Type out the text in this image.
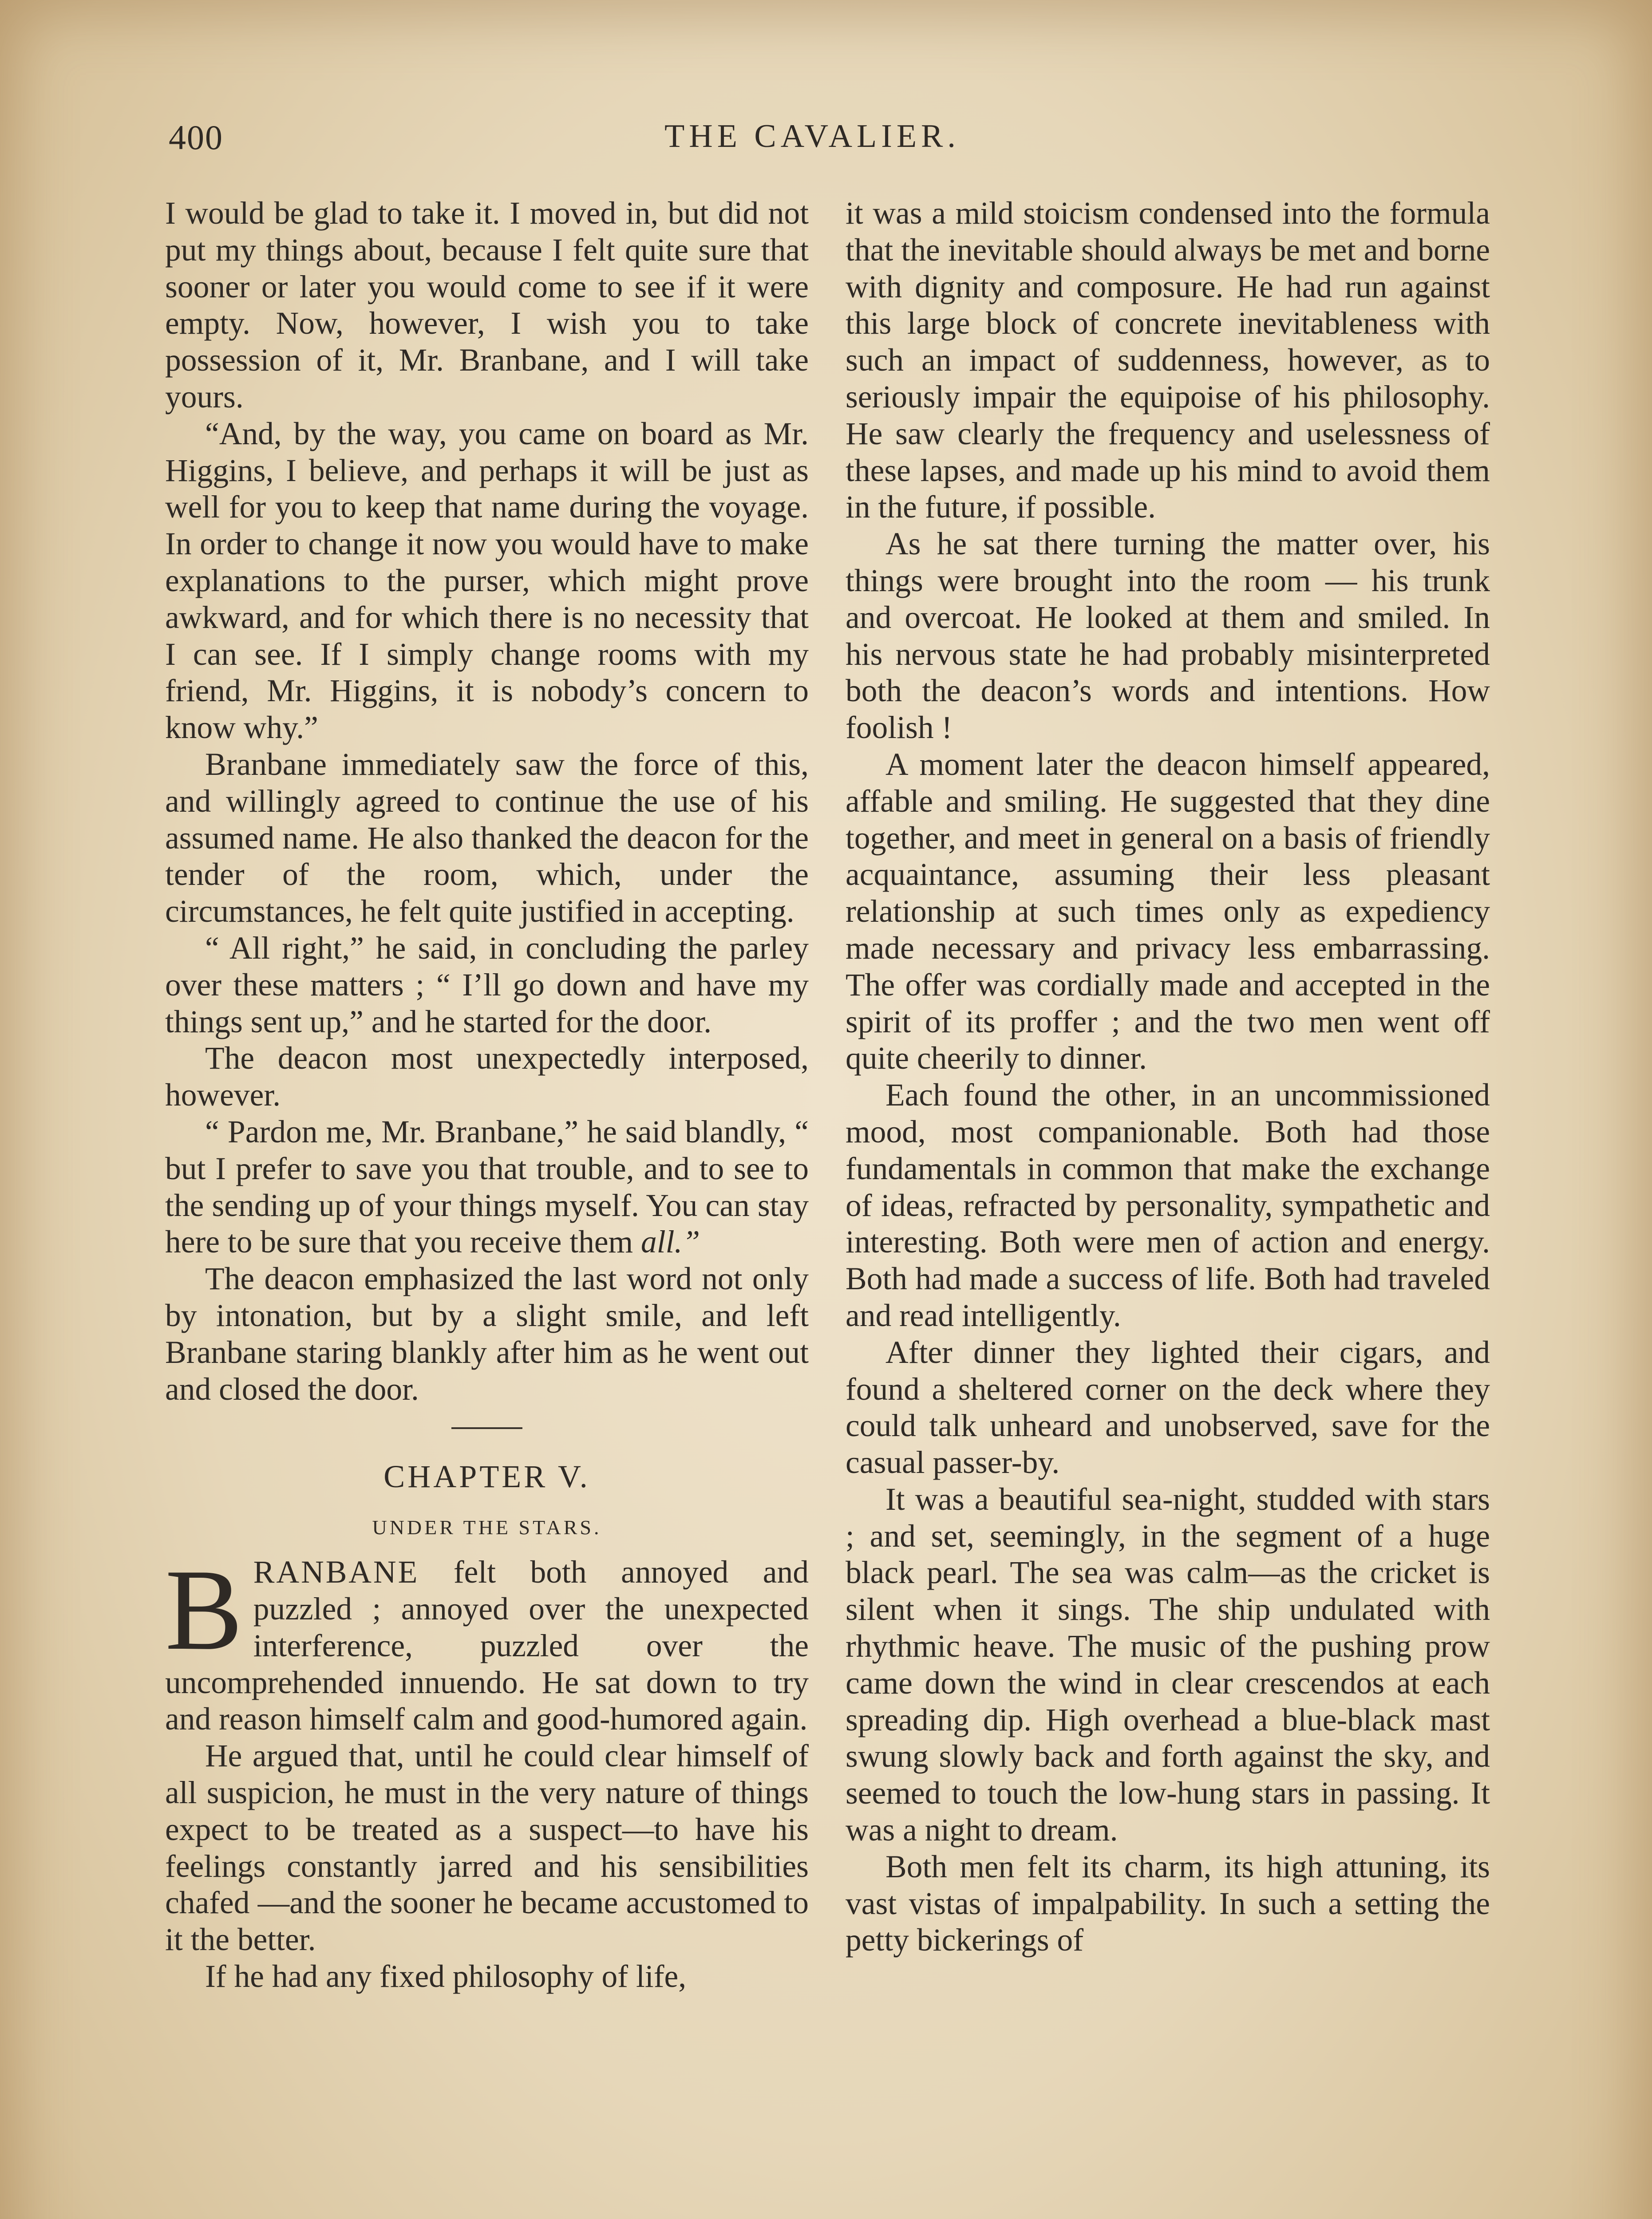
400	THE CAVALIER.

I would be glad to take it. I moved in, but did not put my things about, because I felt quite sure that sooner or later you would come to see if it were empty. Now, however, I wish you to take possession of it, Mr. Branbane, and I will take yours.

“And, by the way, you came on board as Mr. Higgins, I believe, and perhaps it will be just as well for you to keep that name during the voyage. In order to change it now you would have to make explanations to the purser, which might prove awkward, and for which there is no necessity that I can see. If I simply change rooms with my friend, Mr. Higgins, it is nobody’s concern to know why.”

Branbane immediately saw the force of this, and willingly agreed to continue the use of his assumed name. He also thanked the deacon for the tender of the room, which, under the circumstances, he felt quite justified in accepting.

“ All right,” he said, in concluding the parley over these matters ; “ I’ll go down and have my things sent up,” and he started for the door.

The deacon most unexpectedly interposed, however.

“ Pardon me, Mr. Branbane,” he said blandly, “ but I prefer to save you that trouble, and to see to the sending up of your things myself. You can stay here to be sure that you receive them all.”

The deacon emphasized the last word not only by intonation, but by a slight smile, and left Branbane staring blankly after him as he went out and closed the door.

CHAPTER V.
UNDER THE STARS.

BRANBANE felt both annoyed and puzzled ; annoyed over the unexpected interference, puzzled over the uncomprehended innuendo. He sat down to try and reason himself calm and good-humored again.

He argued that, until he could clear himself of all suspicion, he must in the very nature of things expect to be treated as a suspect—to have his feelings constantly jarred and his sensibilities chafed —and the sooner he became accustomed to it the better.

If he had any fixed philosophy of life,

it was a mild stoicism condensed into the formula that the inevitable should always be met and borne with dignity and composure. He had run against this large block of concrete inevitableness with such an impact of suddenness, however, as to seriously impair the equipoise of his philosophy. He saw clearly the frequency and uselessness of these lapses, and made up his mind to avoid them in the future, if possible.

As he sat there turning the matter over, his things were brought into the room — his trunk and overcoat. He looked at them and smiled. In his nervous state he had probably misinterpreted both the deacon’s words and intentions. How foolish !

A moment later the deacon himself appeared, affable and smiling. He suggested that they dine together, and meet in general on a basis of friendly acquaintance, assuming their less pleasant relationship at such times only as expediency made necessary and privacy less embarrassing. The offer was cordially made and accepted in the spirit of its proffer ; and the two men went off quite cheerily to dinner.

Each found the other, in an uncommissioned mood, most companionable. Both had those fundamentals in common that make the exchange of ideas, refracted by personality, sympathetic and interesting. Both were men of action and energy. Both had made a success of life. Both had traveled and read intelligently.

After dinner they lighted their cigars, and found a sheltered corner on the deck where they could talk unheard and unobserved, save for the casual passer-by.

It was a beautiful sea-night, studded with stars ; and set, seemingly, in the segment of a huge black pearl. The sea was calm—as the cricket is silent when it sings. The ship undulated with rhythmic heave. The music of the pushing prow came down the wind in clear crescendos at each spreading dip. High overhead a blue-black mast swung slowly back and forth against the sky, and seemed to touch the low-hung stars in passing. It was a night to dream.

Both men felt its charm, its high attuning, its vast vistas of impalpability. In such a setting the petty bickerings of
